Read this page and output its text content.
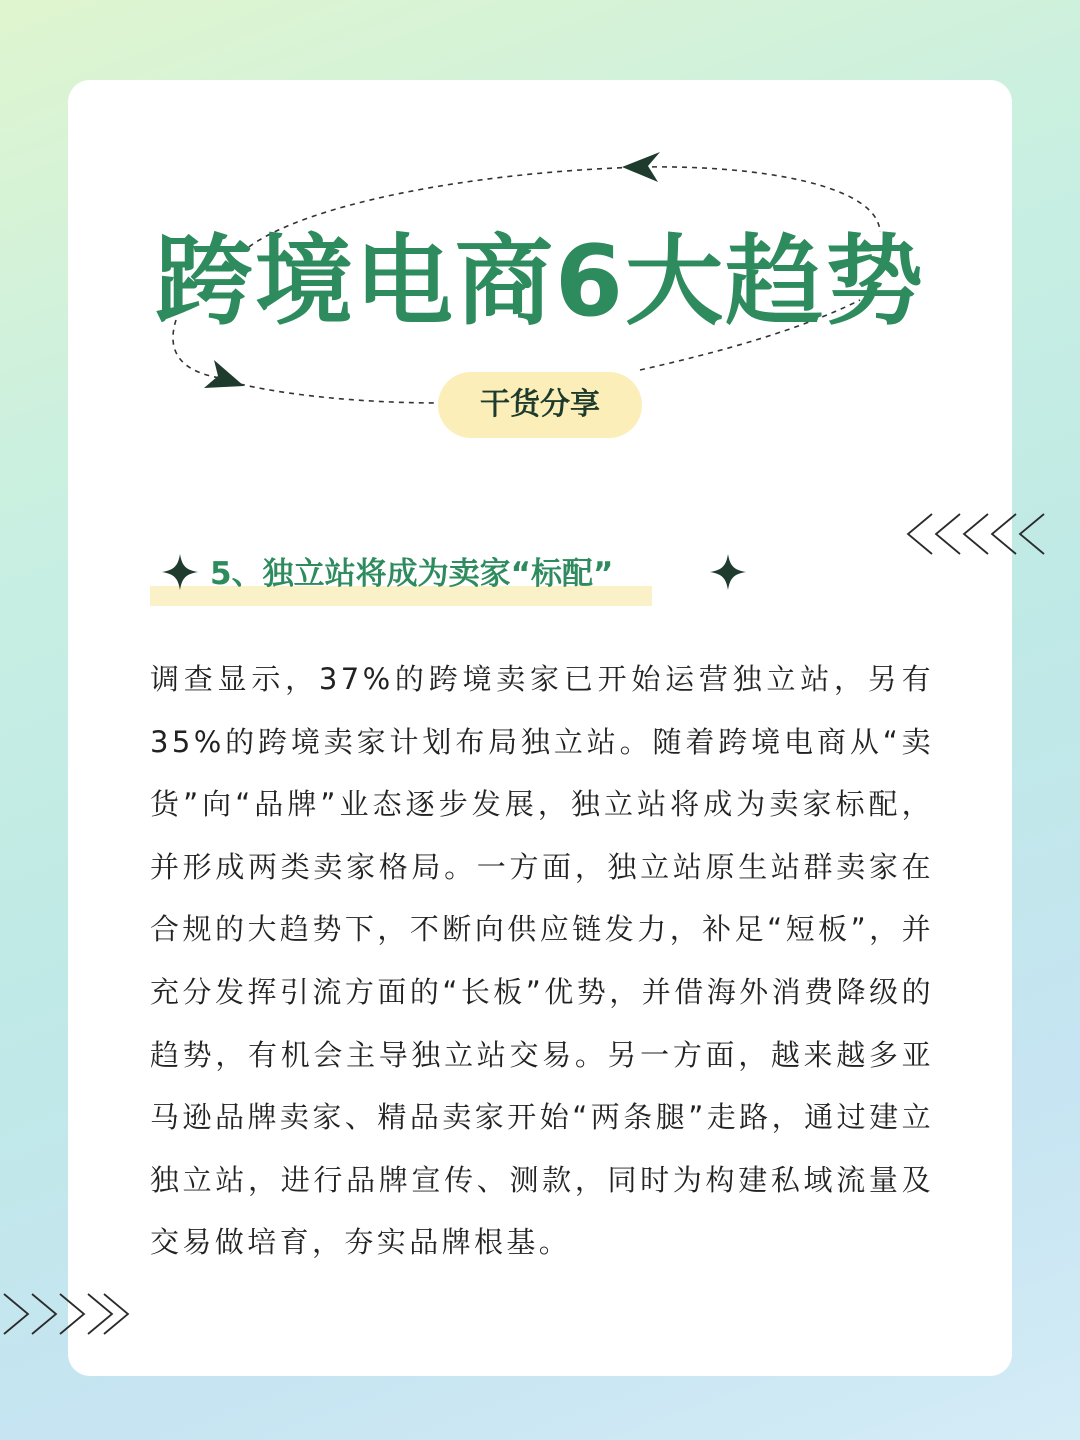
跨境电商6大趋势
干货分享
5、独立站将成为卖家“标配”

调查显示，37%的跨境卖家已开始运营独立站，另有35%的跨境卖家计划布局独立站。随着跨境电商从“卖货”向“品牌”业态逐步发展，独立站将成为卖家标配，并形成两类卖家格局。一方面，独立站原生站群卖家在合规的大趋势下，不断向供应链发力，补足“短板”，并充分发挥引流方面的“长板”优势，并借海外消费降级的趋势，有机会主导独立站交易。另一方面，越来越多亚马逊品牌卖家、精品卖家开始“两条腿”走路，通过建立独立站，进行品牌宣传、测款，同时为构建私域流量及交易做培育，夯实品牌根基。
